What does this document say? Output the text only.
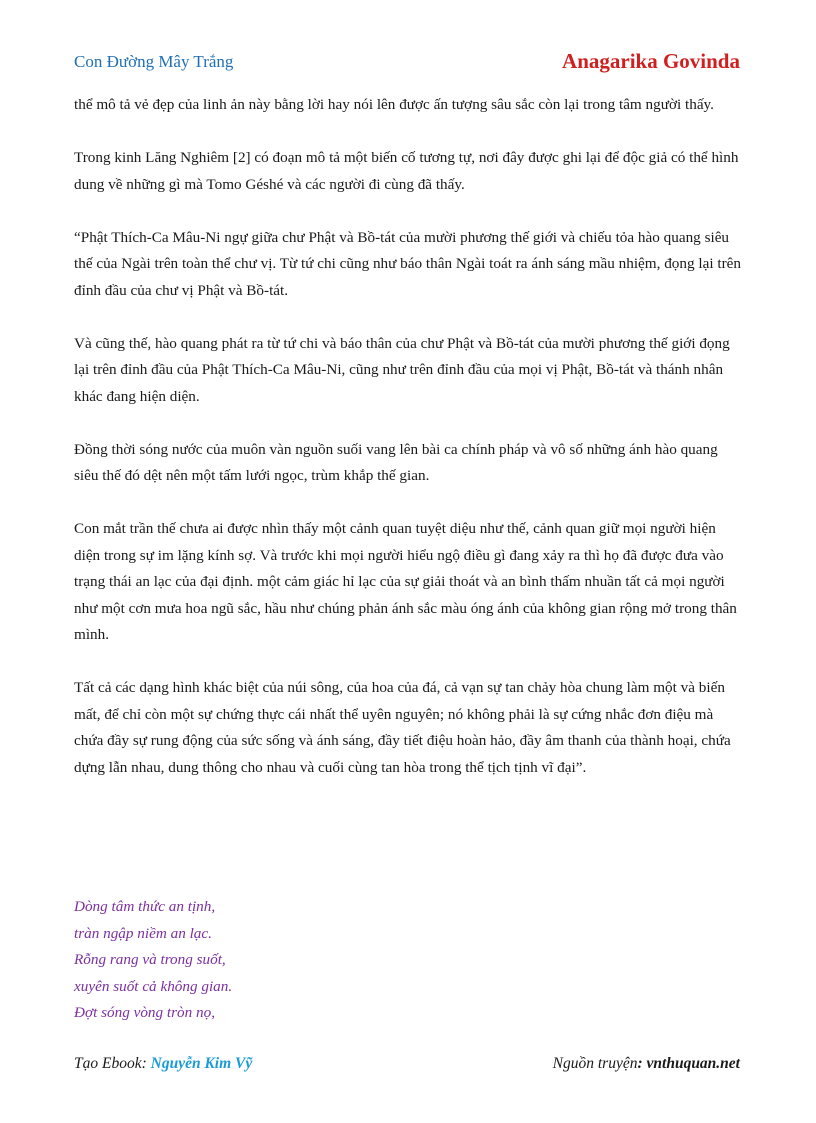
Con Đường Mây Trắng	Anagarika Govinda

thể mô tả vẻ đẹp của linh ản này bằng lời hay nói lên được ấn tượng sâu sắc còn lại trong tâm người thấy.

Trong kinh Lăng Nghiêm [2] có đoạn mô tả một biến cố tương tự, nơi đây được ghi lại để độc giả có thể hình dung về những gì mà Tomo Géshé và các người đi cùng đã thấy.

“Phật Thích-Ca Mâu-Ni ngự giữa chư Phật và Bồ-tát của mười phương thế giới và chiếu tỏa hào quang siêu thế của Ngài trên toàn thể chư vị. Từ tứ chi cũng như báo thân Ngài toát ra ánh sáng mầu nhiệm, đọng lại trên đỉnh đầu của chư vị Phật và Bồ-tát.

Và cũng thế, hào quang phát ra từ tứ chi và báo thân của chư Phật và Bồ-tát của mười phương thế giới đọng lại trên đỉnh đầu của Phật Thích-Ca Mâu-Ni, cũng như trên đỉnh đầu của mọi vị Phật, Bồ-tát và thánh nhân khác đang hiện diện.

Đồng thời sóng nước của muôn vàn nguồn suối vang lên bài ca chính pháp và vô số những ánh hào quang siêu thế đó dệt nên một tấm lưới ngọc, trùm khắp thế gian.

Con mắt trần thế chưa ai được nhìn thấy một cảnh quan tuyệt diệu như thế, cảnh quan giữ mọi người hiện diện trong sự im lặng kính sợ. Và trước khi mọi người hiểu ngộ điều gì đang xảy ra thì họ đã được đưa vào trạng thái an lạc của đại định. một cảm giác hỉ lạc của sự giải thoát và an bình thấm nhuần tất cả mọi người như một cơn mưa hoa ngũ sắc, hầu như chúng phản ánh sắc màu óng ánh của không gian rộng mở trong thân mình.

Tất cả các dạng hình khác biệt của núi sông, của hoa của đá, cả vạn sự tan chảy hòa chung làm một và biến mất, để chỉ còn một sự chứng thực cái nhất thể uyên nguyên; nó không phải là sự cứng nhắc đơn điệu mà chứa đầy sự rung động của sức sống và ánh sáng, đầy tiết điệu hoàn hảo, đầy âm thanh của thành hoại, chứa dựng lẫn nhau, dung thông cho nhau và cuối cùng tan hòa trong thể tịch tịnh vĩ đại”.

Dòng tâm thức an tịnh,
tràn ngập niềm an lạc.
Rỗng rang và trong suốt,
xuyên suốt cả không gian.
Đợt sóng vòng tròn nọ,
Tạo Ebook: Nguyễn Kim Vỹ	Nguồn truyện: vnthuquan.net
